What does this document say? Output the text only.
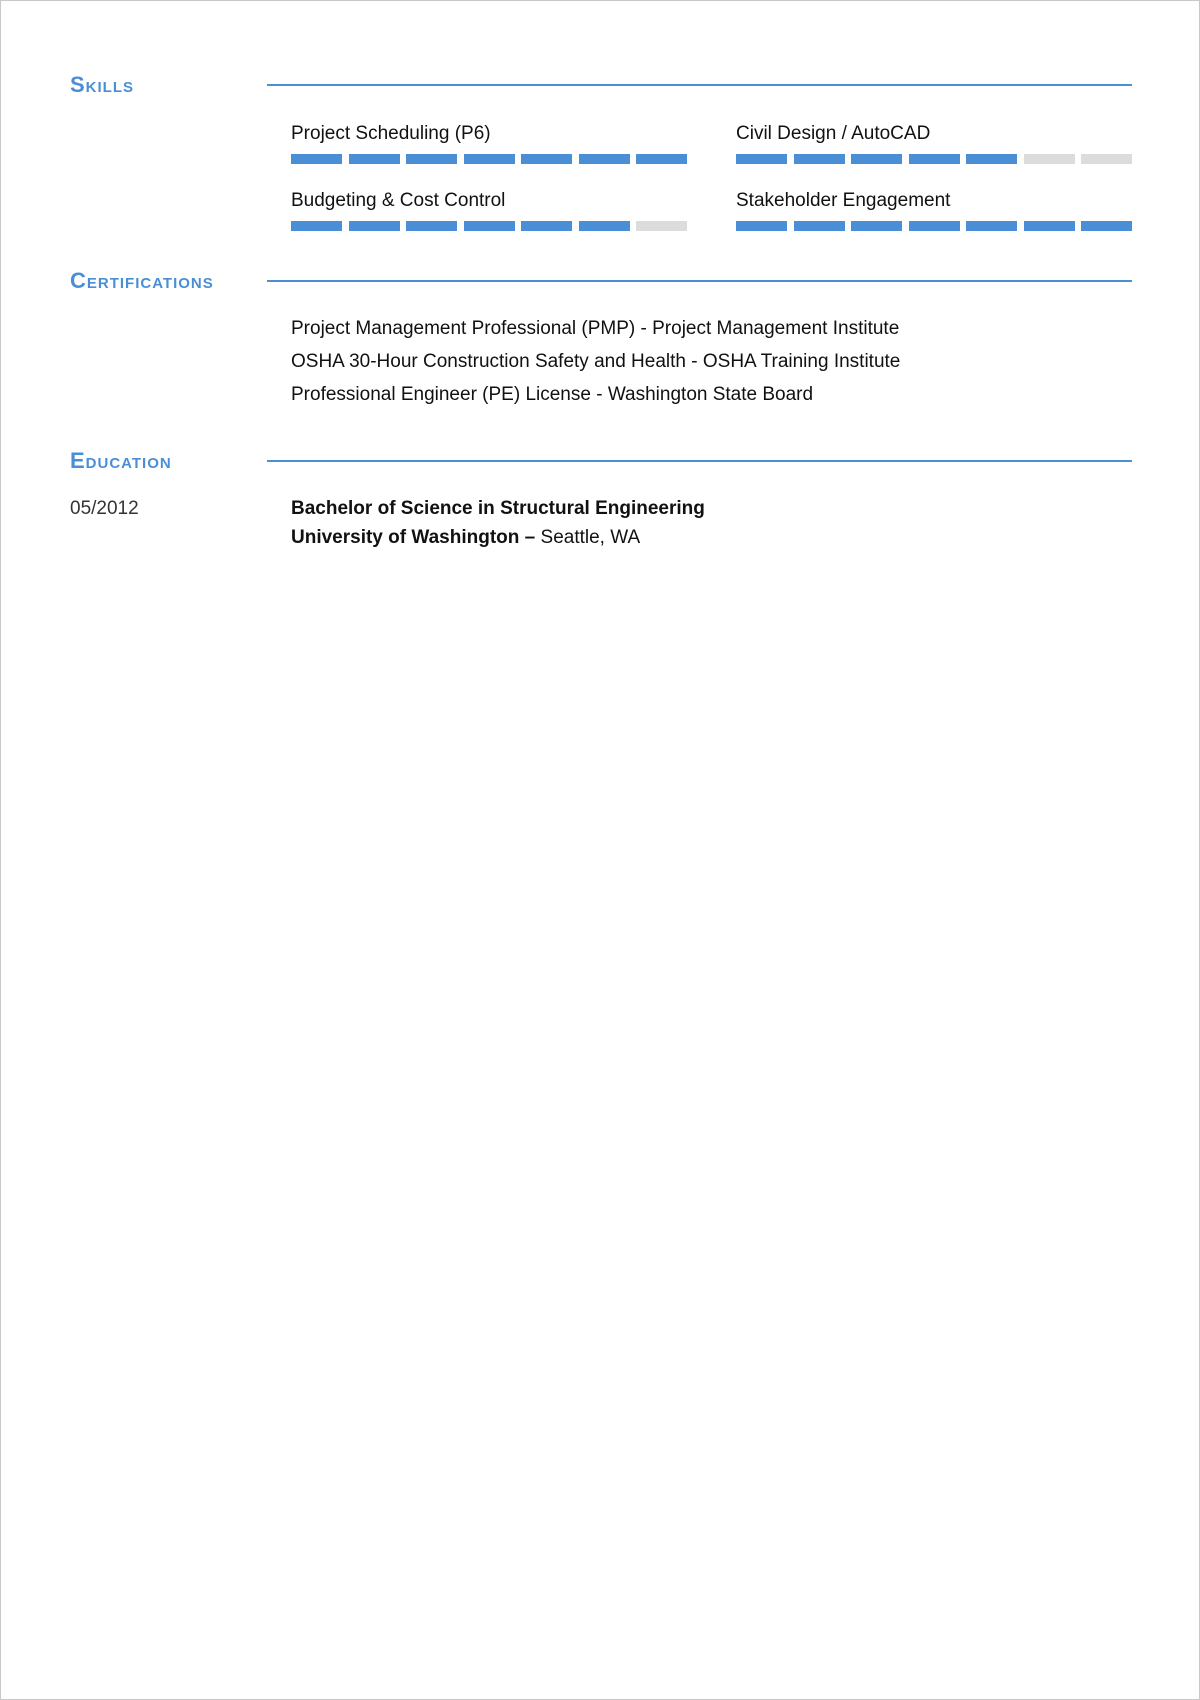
Skills
Project Scheduling (P6)	Civil Design / AutoCAD
Budgeting & Cost Control	Stakeholder Engagement
Certifications
Project Management Professional (PMP) - Project Management Institute
OSHA 30-Hour Construction Safety and Health - OSHA Training Institute
Professional Engineer (PE) License - Washington State Board
Education
05/2012	Bachelor of Science in Structural Engineering
University of Washington – Seattle, WA
